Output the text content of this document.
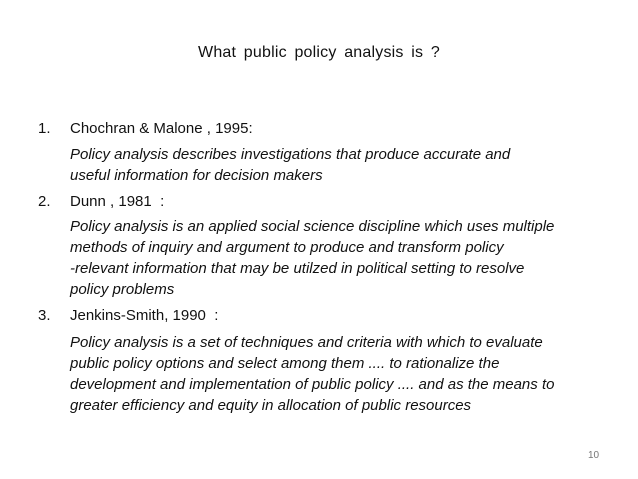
What public policy analysis is ?
1. Chochran & Malone , 1995:
Policy analysis describes investigations that produce accurate and
useful information for decision makers
2. Dunn , 1981  :
Policy analysis is an applied social science discipline which uses multiple
methods of inquiry and argument to produce and transform policy
-relevant information that may be utilzed in political setting to resolve
policy problems
3. Jenkins-Smith, 1990  :
Policy analysis is a set of techniques and criteria with which to evaluate
public policy options and select among them .... to rationalize the
development and implementation of public policy .... and as the means to
greater efficiency and equity in allocation of public resources
10
